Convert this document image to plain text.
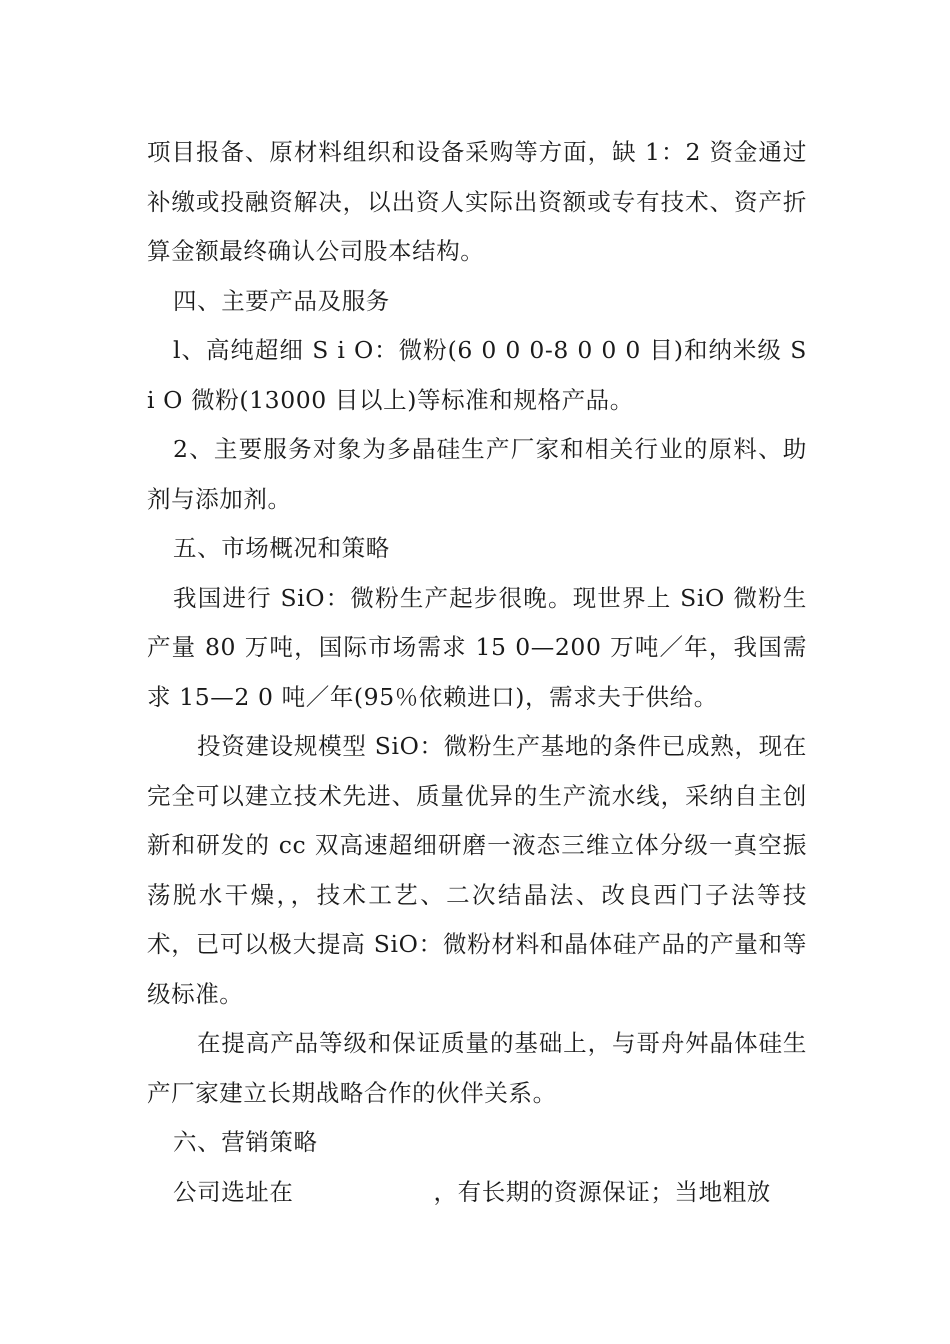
项目报备、原材料组织和设备采购等方面，缺 1：2 资金通过补缴或投融资解决，以出资人实际出资额或专有技术、资产折算金额最终确认公司股本结构。

四、主要产品及服务

l、高纯超细 S i O：微粉(6 0 0 0-8 0 0 0 目)和纳米级 S i O 微粉(13000 目以上)等标准和规格产品。

2、主要服务对象为多晶硅生产厂家和相关行业的原料、助剂与添加剂。

五、市场概况和策略

我国进行 SiO：微粉生产起步很晚。现世界上 SiO 微粉生产量 80 万吨，国际市场需求 15 0—200 万吨／年，我国需求 15—2 0 吨／年(95％依赖进口)，需求夫于供给。

投资建设规模型 SiO：微粉生产基地的条件已成熟，现在完全可以建立技术先进、质量优异的生产流水线，采纳自主创新和研发的 cc 双高速超细研磨一液态三维立体分级一真空振荡脱水干燥，，技术工艺、二次结晶法、改良西门子法等技术，已可以极大提高 SiO：微粉材料和晶体硅产品的产量和等级标准。

在提高产品等级和保证质量的基础上，与哥舟舛晶体硅生产厂家建立长期战略合作的伙伴关系。

六、营销策略

公司选址在	，有长期的资源保证；当地粗放
